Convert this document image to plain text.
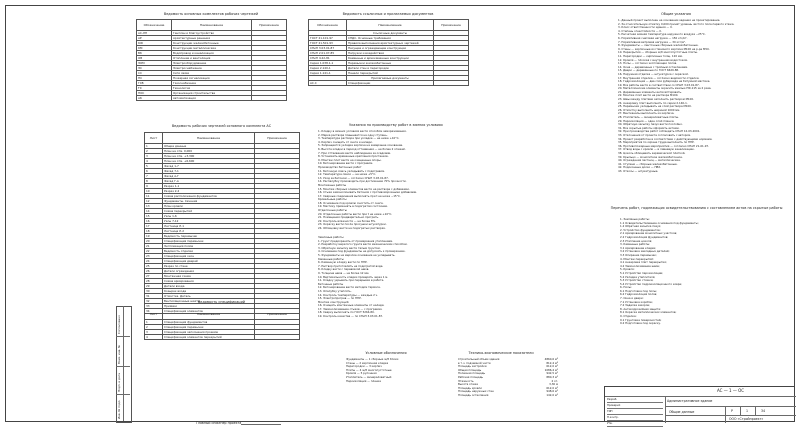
Согласовано
Взам. инв. №
Подп. и дата
Инв. № подл.
Ведомость основных комплектов рабочих чертежей
Обозначение	Наименование	Примечание
АС-ЛП	Генплан и благоустройство	
АР	Архитектурные решения	
КЖ	Конструкции железобетонные	
КМ	Конструкции металлические	
ВК	Водопровод и канализация	
ОВ	Отопление и вентиляция	
ЭОМ	Электрооборудование	
ЭС	Электроснабжение	
СС	Сети связи	
ПС	Пожарная сигнализация	
ГСВ	Газоснабжение	
ТХ	Технология	
ПОС	Организация строительства	
АК	Автоматизация	
Ведомость ссылочных и прилагаемых документов
Обозначение	Наименование	Примечание
	Ссылочные документы	
ГОСТ 21.101-97	СПДС. Основные требования	
ГОСТ 21.501-93	Правила выполнения архитектурных чертежей	
СНиП 3.03.01-87	Несущие и ограждающие конструкции	
СНиП 2.01.07-85	Нагрузки и воздействия	
СНиП II-22-81	Каменные и армокаменные конструкции	
Серия 1.038.1-1	Перемычки железобетонные	
Серия 2.140-1	Детали стен и перегородок	
Серия 1.141-1	Панели перекрытий	
	Прилагаемые документы	
АС.С	Спецификации	
Общие указания
1. Данный проект выполнен на основании задания на проектирование.
2. За относительную отметку 0,000 принят уровень чистого пола первого этажа.
3. Класс ответственности здания — II.
4. Степень огнестойкости — II.
5. Расчетная зимняя температура наружного воздуха −25°С.
6. Нормативная снеговая нагрузка — 150 кгс/м².
7. Нормативная ветровая нагрузка — 30 кгс/м².
8. Фундаменты — ленточные сборные железобетонные.
9. Стены — кирпичные из глиняного кирпича М100 на р-ре М50.
10. Перекрытия — сборные ж/б многопустотные плиты.
11. Перегородки — кирпичные толщ. 120 мм.
12. Кровля — плоская с внутренним водостоком.
13. Полы — согласно экспликации полов.
14. Окна — деревянные с тройным остеклением.
15. Двери — деревянные по ГОСТ 6629-88.
16. Наружная отделка — штукатурка с окраской.
17. Внутренняя отделка — согласно ведомости отделки.
18. Гидроизоляция — два слоя рубероида на битумной мастике.
19. Все работы вести в соответствии со СНиП 3.03.01-87.
20. Металлические элементы окрасить эмалью ПФ-115 за 2 раза.
21. Деревянные элементы антисептировать.
22. Монтаж плит вести на растворе М100.
23. Швы между плитами заполнить раствором М100.
24. Анкеровку плит выполнить по серии 2.140-1.
25. Перемычки укладывать на слой раствора М100.
26. Отмостку выполнить шириной 1000 мм.
27. Вентканалы выполнить из кирпича.
28. Утеплитель — минераловатные плиты.
29. Пароизоляция — один слой пленки.
30. Обратную засыпку пазух вести послойно.
31. Все скрытые работы оформить актами.
32. При производстве работ соблюдать СНиП 12-03-2001.
33. Отклонения от проекта согласовать с автором.
34. Проект разработан в соответствии с действующими нормами.
35. Мероприятия по охране труда выполнить по ППР.
36. Противопожарные мероприятия — согласно СНиП 21-01-97.
37. Отвод воды с кровли — в ливневую канализацию.
38. Цоколь облицевать керамической плиткой.
39. Крыльцо — монолитное железобетонное.
40. Ограждения лестниц — металлические.
41. Ступени — сборные железобетонные.
42. Подоконные доски — ПВХ.
43. Откосы — штукатурные.
Ведомость рабочих чертежей основного комплекта АС
Лист	Наименование	Примечание
1	Общие данные	
2	План на отм. 0,000	
3	План на отм. +3,300	
4	План на отм. +6,600	
5	Фасад 1-7	
6	Фасад 7-1	
7	Фасад А-Г	
8	Фасад Г-А	
9	Разрез 1-1	
10	Разрез 2-2	
11	Схема расположения фундаментов	
12	Фундаменты. Сечения	
13	План кровли	
14	Схема перекрытий	
15	Узлы 1-6	
16	Узлы 7-12	
17	Лестница Л-1	
18	Лестница Л-2	
19	Ведомость перемычек	
20	Спецификация перемычек	
21	Экспликация полов	
22	Ведомость отделки	
23	Спецификация окон	
24	Спецификация дверей	
25	Разрез по стене	
26	Детали ограждения	
27	Монтажная схема	
28	Схема армирования	
29	Детали входа	
30	Козырек входа	
31	Отмостка. Деталь	
32	Вентиляционные шахты	
33	Приямки	
34	Спецификация элементов	
Ведомость спецификаций
Лист	Наименование	Примечание
1	Спецификация фундаментов	
2	Спецификация перемычек	
3	Спецификация заполнения проемов	
4	Спецификация элементов перекрытий	
Главный инженер проекта
Указания по производству работ в зимних условиях
1. Кладку в зимних условиях вести способом замораживания.
2. Марка раствора повышается на одну ступень.
3. Температура раствора при укладке — не ниже +10°С.
4. Кирпич очищать от снега и наледи.
5. Запрещается укладка кирпича на замерзшее основание.
6. Высота кладки в период оттаивания — не более 2 этажей.
7. При оттаивании вести наблюдение за осадками.
8. Установить временные крепления простенков.
9. Монтаж плит вести на очищенные опоры.
10. Бетонирование вести с прогревом.
Производство бетонных работ
11. Бетонную смесь укладывать с подогревом.
12. Температура смеси — не ниже +5°С.
13. Уход за бетоном — согласно СНиП 3.03.01-87.
14. Распалубку производить при достижении 70% прочности.
Монтажные работы
15. Монтаж сборных элементов вести на растворе с добавками.
16. Стыки замоноличивать бетоном с противоморозными добавками.
17. Сварные соединения выполнять при t не ниже −15°С.
Кровельные работы
18. Основание под кровлю очистить от снега.
19. Мастику применять в подогретом состоянии.
Отделочные работы
20. Отделочные работы вести при t не ниже +10°С.
21. Помещения предварительно прогреть.
22. Контроль влажности — не более 8%.
23. Окраску вести после просушки штукатурки.
24. Облицовку вести на подогретых растворах.
Земляные работы
1. Грунт предохранять от промерзания утеплением.
2. Разработку мерзлого грунта вести механическим способом.
3. Обратную засыпку вести талым грунтом.
4. Основание под фундаменты не допускать к промерзанию.
5. Фундаменты на мерзлое основание не укладывать.
Каменные работы
6. Каменную кладку вести по ППР.
7. Раствор приготовлять на подогретой воде.
8. Кладку вести с перевязкой швов.
9. Толщина швов — не более 12 мм.
10. Вертикальность кладки проверять через 1 м.
11. Кладку укрывать при перерывах в работе.
Бетонные работы
12. Бетонирование вести методом термоса.
13. Опалубку утеплять.
14. Контроль температуры — каждые 2 ч.
15. Электропрогрев — по ППР.
Монтаж конструкций
16. Очищать монтажные элементы от наледи.
17. Замоноличивание стыков — с прогревом.
18. Сварку выполнять по ГОСТ 5264-80.
19. Контроль качества — по СНиП 3.03.01-87.
Условные обозначения
Фундаменты — 1 сборные ж/б блоки
Стены — 2 кирпичная кладка
Перегородки — 3 кирпич
Плиты — 4 ж/б многопустотные
Кровля — 5 рулонная
Утеплитель — минераловатный
Пароизоляция — пленка
Технико-экономические показатели
Строительный объем здания	4860,6 м³
в т.ч. подземной части	812,4 м³
Площадь застройки	612,0 м²
Общая площадь	1086,4 м²
Полезная площадь	942,5 м²
Рабочая площадь	880,3 м²
Этажность	2 эт.
Высота этажа	3,30 м
Площадь кровли	612,0 м²
Площадь наружных стен	948,6 м²
Площадь остекления	142,0 м²
Перечень работ, подлежащих освидетельствованию с составлением актов на скрытые работы
1. Земляные работы:
1.1 Освидетельствование основания под фундаменты;
1.2 Обратная засыпка пазух;
2. Устройство фундаментов:
2.1 Армирование монолитных участков;
2.2 Гидроизоляция фундаментов;
2.3 Утепление цоколя;
3. Каменные работы:
3.1 Армирование кладки;
3.2 Установка закладных деталей;
3.3 Опирание перемычек;
4. Монтаж перекрытий:
4.1 Анкеровка плит перекрытия;
4.2 Замоноличивание швов;
5. Кровля:
5.1 Устройство пароизоляции;
5.2 Укладка утеплителя;
5.3 Устройство стяжки;
5.4 Устройство гидроизоляционного ковра;
6. Полы:
6.1 Подготовка под полы;
6.2 Гидроизоляция полов;
7. Окна и двери:
7.1 Установка коробок;
7.2 Заделка зазоров;
8. Антикоррозийная защита:
8.1 Окраска металлических элементов;
9. Отделка:
9.1 Грунтовка поверхностей;
9.2 Подготовка под окраску.
АС — 1 — ОС
Административное здание
Общие данные	Р	1	34
ООО «Стройпроект»
Разраб.
Проверил
ГИП
Н.контр.
Утв.
